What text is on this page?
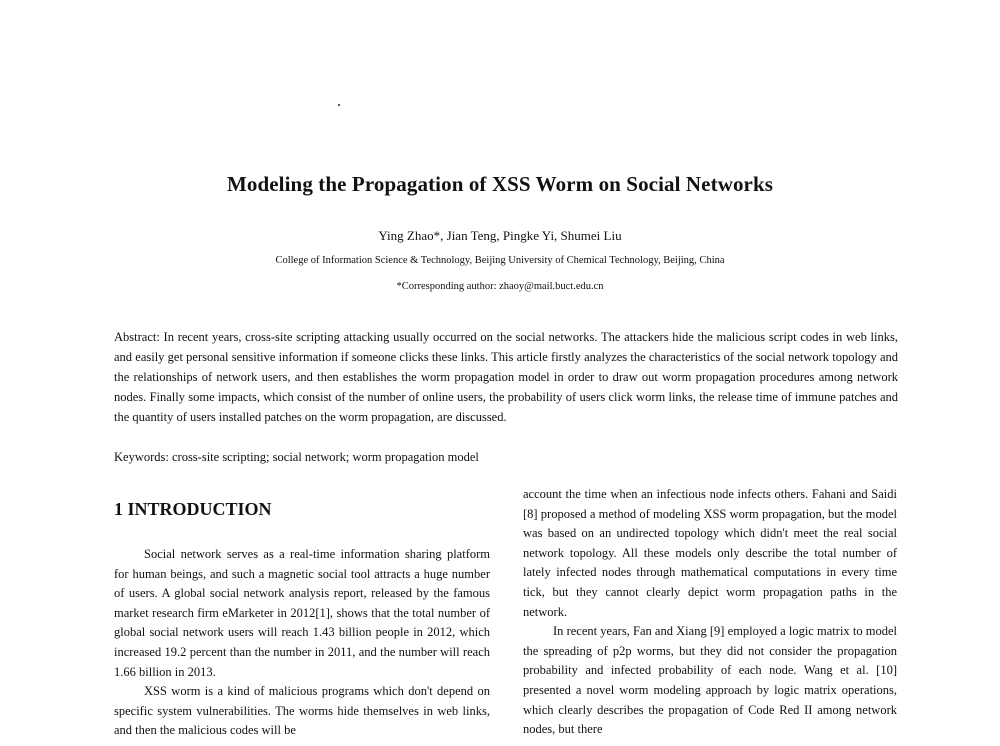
Modeling the Propagation of XSS Worm on Social Networks
Ying Zhao*, Jian Teng, Pingke Yi, Shumei Liu
College of Information Science & Technology, Beijing University of Chemical Technology, Beijing, China
*Corresponding author: zhaoy@mail.buct.edu.cn

Abstract: In recent years, cross-site scripting attacking usually occurred on the social networks. The attackers hide the malicious script codes in web links, and easily get personal sensitive information if someone clicks these links. This article firstly analyzes the characteristics of the social network topology and the relationships of network users, and then establishes the worm propagation model in order to draw out worm propagation procedures among network nodes. Finally some impacts, which consist of the number of online users, the probability of users click worm links, the release time of immune patches and the quantity of users installed patches on the worm propagation, are discussed.

Keywords: cross-site scripting; social network; worm propagation model
1 INTRODUCTION

Social network serves as a real-time information sharing platform for human beings, and such a magnetic social tool attracts a huge number of users. A global social network analysis report, released by the famous market research firm eMarketer in 2012[1], shows that the total number of global social network users will reach 1.43 billion people in 2012, which increased 19.2 percent than the number in 2011, and the number will reach 1.66 billion in 2013.

XSS worm is a kind of malicious programs which don't depend on specific system vulnerabilities. The worms hide themselves in web links, and then the malicious codes will be

account the time when an infectious node infects others. Fahani and Saidi [8] proposed a method of modeling XSS worm propagation, but the model was based on an undirected topology which didn't meet the real social network topology. All these models only describe the total number of lately infected nodes through mathematical computations in every time tick, but they cannot clearly depict worm propagation paths in the network.

In recent years, Fan and Xiang [9] employed a logic matrix to model the spreading of p2p worms, but they did not consider the propagation probability and infected probability of each node. Wang et al. [10] presented a novel worm modeling approach by logic matrix operations, which clearly describes the propagation of Code Red II among network nodes, but there
